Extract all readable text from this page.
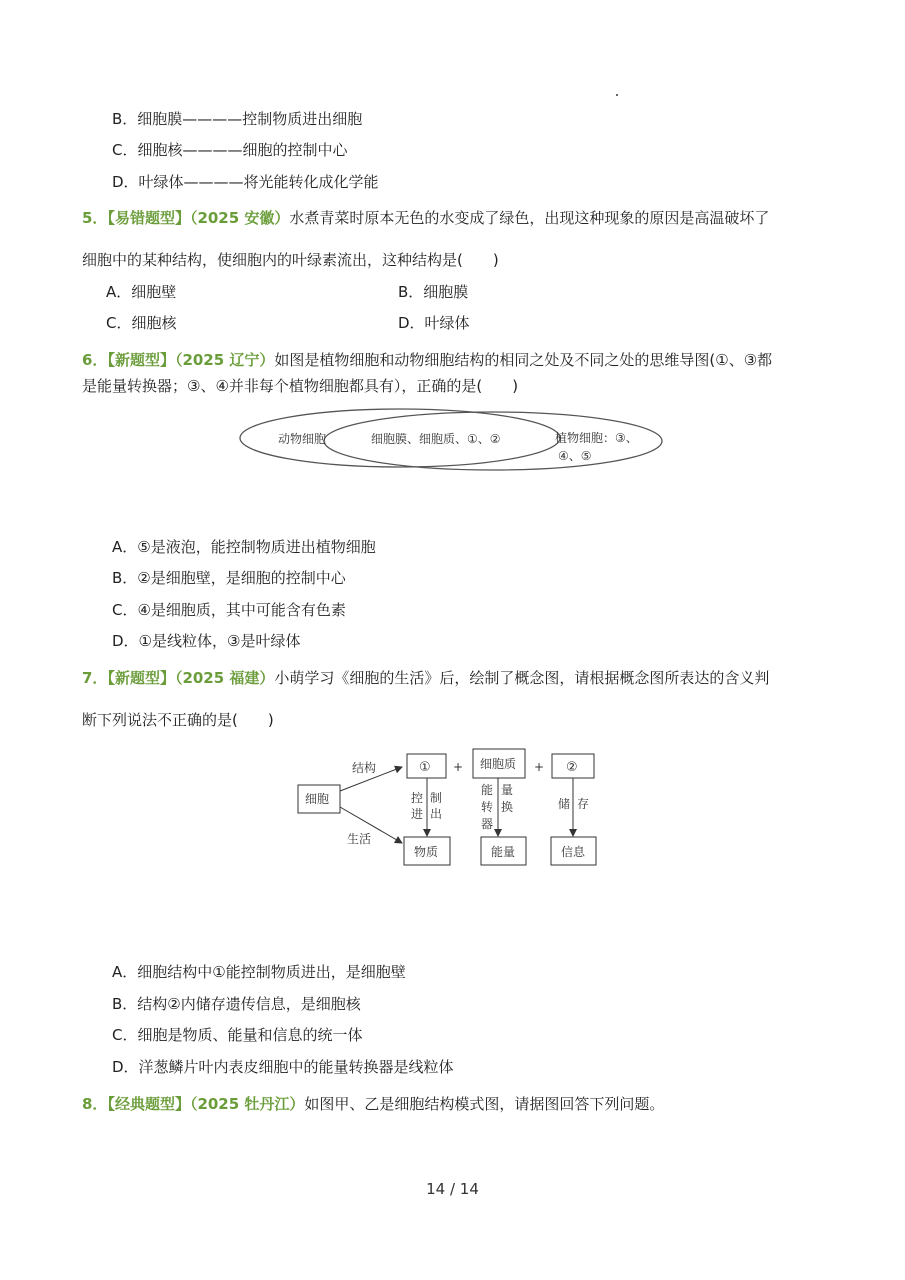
B．细胞膜————控制物质进出细胞
C．细胞核————细胞的控制中心
D．叶绿体————将光能转化成化学能
5．【易错题型】（2025 安徽）水煮青菜时原本无色的水变成了绿色，出现这种现象的原因是高温破坏了
细胞中的某种结构，使细胞内的叶绿素流出，这种结构是(　　)
A．细胞壁	B．细胞膜
C．细胞核	D．叶绿体
6．【新题型】（2025 辽宁）如图是植物细胞和动物细胞结构的相同之处及不同之处的思维导图(①、③都
是能量转换器；③、④并非每个植物细胞都具有），正确的是(　　)
动物细胞	细胞膜、细胞质、①、②	植物细胞：③、
④、⑤
A．⑤是液泡，能控制物质进出植物细胞
B．②是细胞壁，是细胞的控制中心
C．④是细胞质，其中可能含有色素
D．①是线粒体，③是叶绿体
7．【新题型】（2025 福建）小萌学习《细胞的生活》后，绘制了概念图，请根据概念图所表达的含义判
断下列说法不正确的是(　　)
细胞
结构
生活
① + 细胞质 + ②
控 制
进 出
能 量
转 换
器
储 存
物质	能量	信息
A．细胞结构中①能控制物质进出，是细胞壁
B．结构②内储存遗传信息，是细胞核
C．细胞是物质、能量和信息的统一体
D．洋葱鳞片叶内表皮细胞中的能量转换器是线粒体
8．【经典题型】（2025 牡丹江）如图甲、乙是细胞结构模式图，请据图回答下列问题。
14 / 14
